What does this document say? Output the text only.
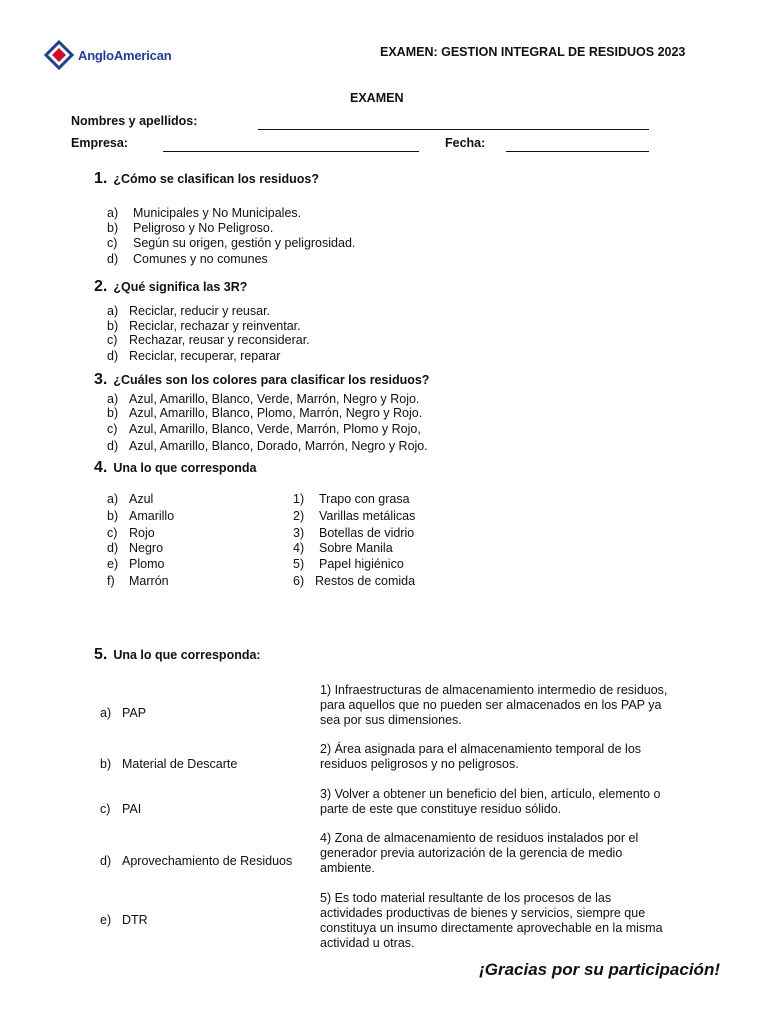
AngloAmerican	EXAMEN: GESTION INTEGRAL DE RESIDUOS 2023
EXAMEN
Nombres y apellidos:
Empresa:	Fecha:
1. ¿Cómo se clasifican los residuos?
a) Municipales y No Municipales.
b) Peligroso y No Peligroso.
c) Según su origen, gestión y peligrosidad.
d) Comunes y no comunes
2. ¿Qué significa las 3R?
a) Reciclar, reducir y reusar.
b) Reciclar, rechazar y reinventar.
c) Rechazar, reusar y reconsiderar.
d) Reciclar, recuperar, reparar
3. ¿Cuáles son los colores para clasificar los residuos?
a) Azul, Amarillo, Blanco, Verde, Marrón, Negro y Rojo.
b) Azul, Amarillo, Blanco, Plomo, Marrón, Negro y Rojo.
c) Azul, Amarillo, Blanco, Verde, Marrón, Plomo y Rojo,
d) Azul, Amarillo, Blanco, Dorado, Marrón, Negro y Rojo.
4. Una lo que corresponda
a) Azul
b) Amarillo
c) Rojo
d) Negro
e) Plomo
f) Marrón
1) Trapo con grasa
2) Varillas metálicas
3) Botellas de vidrio
4) Sobre Manila
5) Papel higiénico
6) Restos de comida
5. Una lo que corresponda:
a) PAP
b) Material de Descarte
c) PAI
d) Aprovechamiento de Residuos
e) DTR
1) Infraestructuras de almacenamiento intermedio de residuos,
para aquellos que no pueden ser almacenados en los PAP ya
sea por sus dimensiones.
2) Área asignada para el almacenamiento temporal de los
residuos peligrosos y no peligrosos.
3) Volver a obtener un beneficio del bien, artículo, elemento o
parte de este que constituye residuo sólido.
4) Zona de almacenamiento de residuos instalados por el
generador previa autorización de la gerencia de medio
ambiente.
5) Es todo material resultante de los procesos de las
actividades productivas de bienes y servicios, siempre que
constituya un insumo directamente aprovechable en la misma
actividad u otras.
¡Gracias por su participación!
